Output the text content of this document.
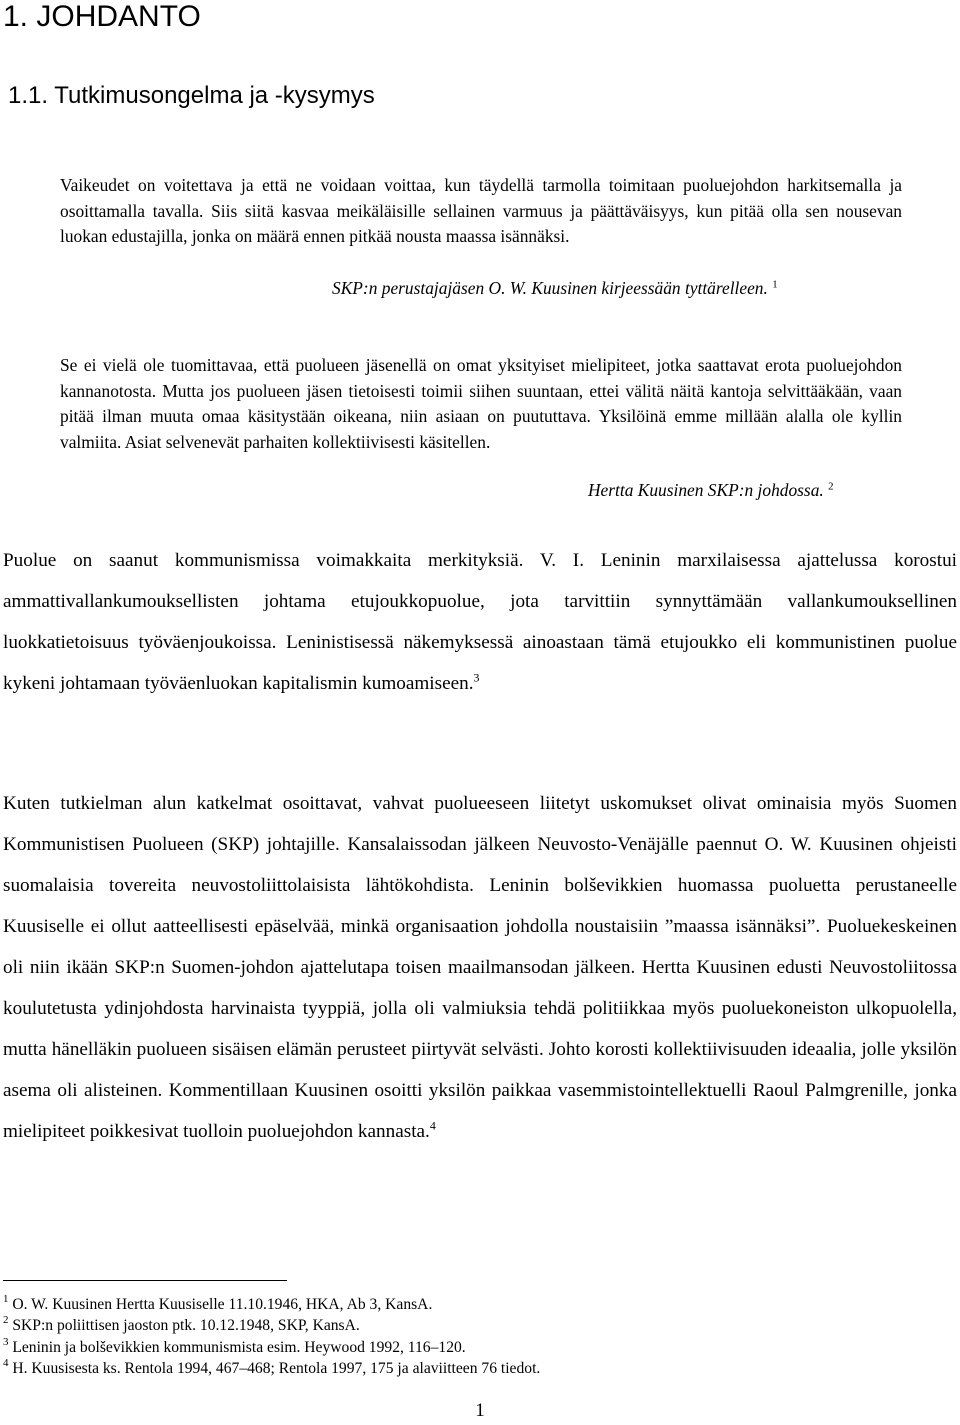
1. JOHDANTO
1.1. Tutkimusongelma ja -kysymys

Vaikeudet on voitettava ja että ne voidaan voittaa, kun täydellä tarmolla toimitaan puoluejohdon harkitsemalla ja osoittamalla tavalla. Siis siitä kasvaa meikäläisille sellainen varmuus ja päättäväisyys, kun pitää olla sen nousevan luokan edustajilla, jonka on määrä ennen pitkää nousta maassa isännäksi.

SKP:n perustajajäsen O. W. Kuusinen kirjeessään tyttärelleen. $^1$

Se ei vielä ole tuomittavaa, että puolueen jäsenellä on omat yksityiset mielipiteet, jotka saattavat erota puoluejohdon kannanotosta. Mutta jos puolueen jäsen tietoisesti toimii siihen suuntaan, ettei välitä näitä kantoja selvittääkään, vaan pitää ilman muuta omaa käsitystään oikeana, niin asiaan on puututtava. Yksilöinä emme millään alalla ole kyllin valmiita. Asiat selvenevät parhaiten kollektiivisesti käsitellen.

Hertta Kuusinen SKP:n johdossa. $^2$

Puolue on saanut kommunismissa voimakkaita merkityksiä. V. I. Leninin marxilaisessa ajattelussa korostui ammattivallankumouksellisten johtama etujoukkopuolue, jota tarvittiin synnyttämään vallankumouksellinen luokkatietoisuus työväenjoukoissa. Leninistisessä näkemyksessä ainoastaan tämä etujoukko eli kommunistinen puolue kykeni johtamaan työväenluokan kapitalismin kumoamiseen.$^3$

Kuten tutkielman alun katkelmat osoittavat, vahvat puolueeseen liitetyt uskomukset olivat ominaisia myös Suomen Kommunistisen Puolueen (SKP) johtajille. Kansalaissodan jälkeen Neuvosto-Venäjälle paennut O. W. Kuusinen ohjeisti suomalaisia tovereita neuvostoliittolaisista lähtökohdista. Leninin bolševikkien huomassa puoluetta perustaneelle Kuusiselle ei ollut aatteellisesti epäselvää, minkä organisaation johdolla noustaisiin ”maassa isännäksi”. Puoluekeskeinen oli niin ikään SKP:n Suomen-johdon ajattelutapa toisen maailmansodan jälkeen. Hertta Kuusinen edusti Neuvostoliitossa koulutetusta ydinjohdosta harvinaista tyyppiä, jolla oli valmiuksia tehdä politiikkaa myös puoluekoneiston ulkopuolella, mutta hänelläkin puolueen sisäisen elämän perusteet piirtyvät selvästi. Johto korosti kollektiivisuuden ideaalia, jolle yksilön asema oli alisteinen. Kommentillaan Kuusinen osoitti yksilön paikkaa vasemmistointellektuelli Raoul Palmgrenille, jonka mielipiteet poikkesivat tuolloin puoluejohdon kannasta.$^4$

$^1$ O. W. Kuusinen Hertta Kuusiselle 11.10.1946, HKA, Ab 3, KansA.
$^2$ SKP:n poliittisen jaoston ptk. 10.12.1948, SKP, KansA.
$^3$ Leninin ja bolševikkien kommunismista esim. Heywood 1992, 116–120.
$^4$ H. Kuusisesta ks. Rentola 1994, 467–468; Rentola 1997, 175 ja alaviitteen 76 tiedot.
1
